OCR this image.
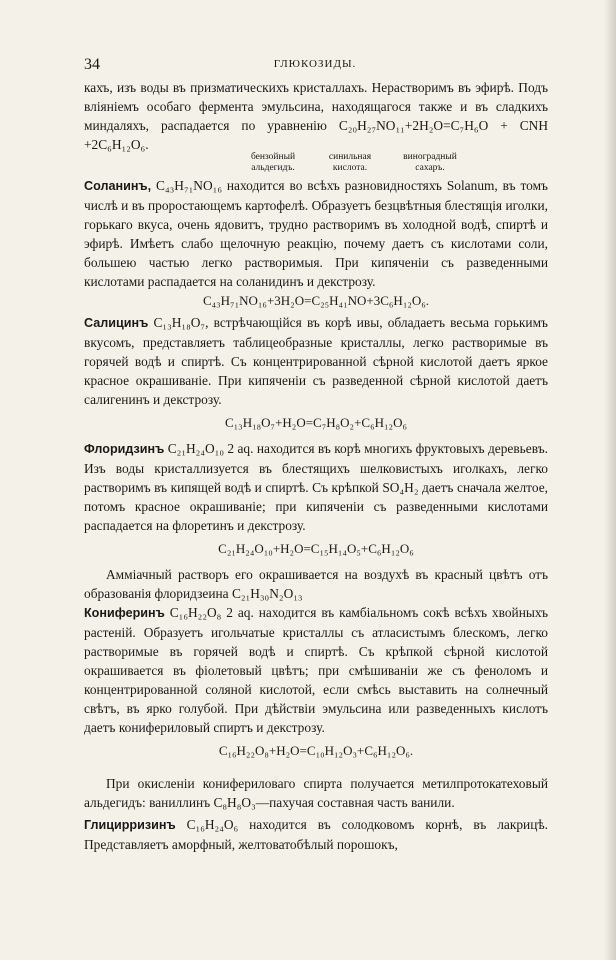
34	ГЛЮКОЗИДЫ.

кахъ, изъ воды въ призматическихъ кристаллахъ. Нерастворимъ въ эфирѣ. Подъ вліяніемъ особаго фермента эмульсина, находящагося также и въ сладкихъ миндаляхъ, распадается по уравненію C₂₀H₂₇NO₁₁+2H₂O=C₇H₆O + CNH +2C₆H₁₂O₆.

бензойный
альдегидъ.
синильная
кислота.
виноградный
сахаръ.

Соланинъ, C₄₃H₇₁NO₁₆ находится во всѣхъ разновидностяхъ Solanum, въ томъ числѣ и въ проростающемъ картофелѣ. Образуетъ безцвѣтныя блестящія иголки, горькаго вкуса, очень ядовитъ, трудно растворимъ въ холодной водѣ, спиртѣ и эфирѣ. Имѣетъ слабо щелочную реакцію, почему даетъ съ кислотами соли, большею частью легко растворимыя. При кипяченіи съ разведенными кислотами распадается на соланидинъ и декстрозу.

C₄₃H₇₁NO₁₆+3H₂O=C₂₅H₄₁NO+3C₆H₁₂O₆.

Салицинъ C₁₃H₁₈O₇, встрѣчающійся въ корѣ ивы, обладаетъ весьма горькимъ вкусомъ, представляетъ таблицеобразные кристаллы, легко растворимые въ горячей водѣ и спиртѣ. Съ концентрированной сѣрной кислотой даетъ яркое красное окрашиваніе. При кипяченіи съ разведенной сѣрной кислотой даетъ салигенинъ и декстрозу.

C₁₃H₁₈O₇+H₂O=C₇H₈O₂+C₆H₁₂O₆

Флоридзинъ C₂₁H₂₄O₁₀ 2 aq. находится въ корѣ многихъ фруктовыхъ деревьевъ. Изъ воды кристаллизуется въ блестящихъ шелковистыхъ иголкахъ, легко растворимъ въ кипящей водѣ и спиртѣ. Съ крѣпкой SO₄H₂ даетъ сначала желтое, потомъ красное окрашиваніе; при кипяченіи съ разведенными кислотами распадается на флоретинъ и декстрозу.

C₂₁H₂₄O₁₀+H₂O=C₁₅H₁₄O₅+C₆H₁₂O₆

Амміачный растворъ его окрашивается на воздухѣ въ красный цвѣтъ отъ образованія флоридзеина C₂₁H₃₀N₂O₁₃

Кониферинъ C₁₆H₂₂O₈ 2 aq. находится въ камбіальномъ сокѣ всѣхъ хвойныхъ растеній. Образуетъ игольчатые кристаллы съ атласистымъ блескомъ, легко растворимые въ горячей водѣ и спиртѣ. Съ крѣпкой сѣрной кислотой окрашивается въ фіолетовый цвѣтъ; при смѣшиваніи же съ феноломъ и концентрированной соляной кислотой, если смѣсь выставить на солнечный свѣтъ, въ ярко голубой. При дѣйствіи эмульсина или разведенныхъ кислотъ даетъ конифериловый спиртъ и декстрозу.

C₁₆H₂₂O₈+H₂O=C₁₀H₁₂O₃+C₆H₁₂O₆.

При окисленіи конифериловаго спирта получается метилпротокатеховый альдегидъ: ваниллинъ C₈H₈O₃—пахучая составная часть ванили.

Глицирризинъ C₁₆H₂₄O₆ находится въ солодковомъ корнѣ, въ лакрицѣ. Представляетъ аморфный, желтоватобѣлый порошокъ,
